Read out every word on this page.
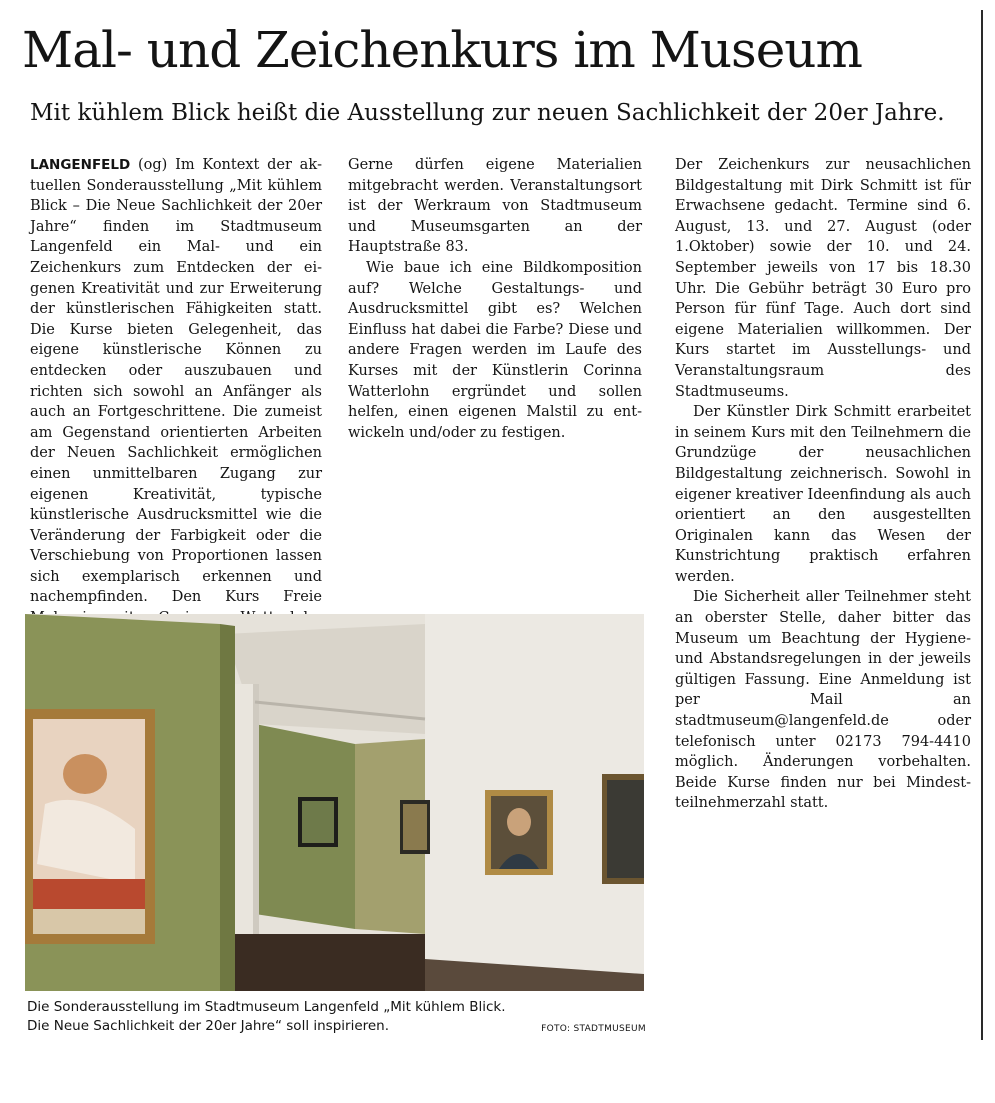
Mal- und Zeichenkurs im Museum
Mit kühlem Blick heißt die Ausstellung zur neuen Sachlichkeit der 20er Jahre.

LANGENFELD (og) Im Kontext der aktuellen Sonderausstellung „Mit kühlem Blick – Die Neue Sachlichkeit der 20er Jahre“ finden im Stadtmuseum Langenfeld ein Mal- und ein Zeichenkurs zum Entdecken der eigenen Kreativität und zur Erweiterung der künstlerischen Fähigkeiten statt. Die Kurse bieten Gelegenheit, das eigene künstlerische Können zu entdecken oder auszubauen und richten sich sowohl an Anfänger als auch an Fortgeschrittene. Die zumeist am Gegenstand orientierten Arbeiten der Neuen Sachlichkeit ermöglichen einen unmittelbaren Zugang zur eigenen Kreativität, typische künstlerische Ausdrucksmittel wie die Veränderung der Farbigkeit oder die Verschiebung von Proportionen lassen sich exemplarisch erkennen und nachempfinden. Den Kurs Freie

Gerne dürfen eigene Materialien mitgebracht werden. Veranstaltungsort ist der Werkraum von Stadtmuseum und Museumsgarten an der Hauptstraße 83.

Wie baue ich eine Bildkomposition auf? Welche Gestaltungs- und Ausdrucksmittel gibt es? Welchen Einfluss hat dabei die Farbe? Diese und andere Fragen werden im Laufe des Kurses mit der Künstlerin Corinna Watterlohn ergründet und sollen helfen, einen eigenen Malstil zu entwickeln und/oder zu festigen.

Der Zeichenkurs zur neusachlichen Bildgestaltung mit Dirk Schmitt ist für Erwachsene gedacht. Termine sind 6. August, 13. und 27. August (oder 1.Oktober) sowie der 10. und 24. September jeweils von 17 bis 18.30 Uhr. Die Gebühr beträgt 30 Euro pro Person für fünf Tage. Auch dort sind eigene Materialien willkommen. Der Kurs startet im Ausstellungs- und Veranstaltungsraum des Stadtmuseums.

Der Künstler Dirk Schmitt erarbeitet in seinem Kurs mit den Teilnehmern die Grundzüge der neusachlichen Bildgestaltung zeichnerisch. Sowohl in eigener kreativer Ideenfindung als auch orientiert an den ausgestellten Originalen kann das Wesen der Kunstrichtung praktisch erfahren werden.

Die Sicherheit aller Teilnehmer steht an oberster Stelle, daher bitter das Museum um Beachtung der Hygiene- und Abstandsregelungen in der jeweils gültigen Fassung. Eine Anmeldung ist per Mail an stadtmuseum@langenfeld.de oder telefonisch unter 02173 794-4410 möglich. Änderungen vorbehalten. Beide Kurse finden nur bei Mindestteilnehmerzahl statt.

Die Sonderausstellung im Stadtmuseum Langenfeld „Mit kühlem Blick. Die Neue Sachlichkeit der 20er Jahre“ soll inspirieren.	FOTO: STADTMUSEUM
